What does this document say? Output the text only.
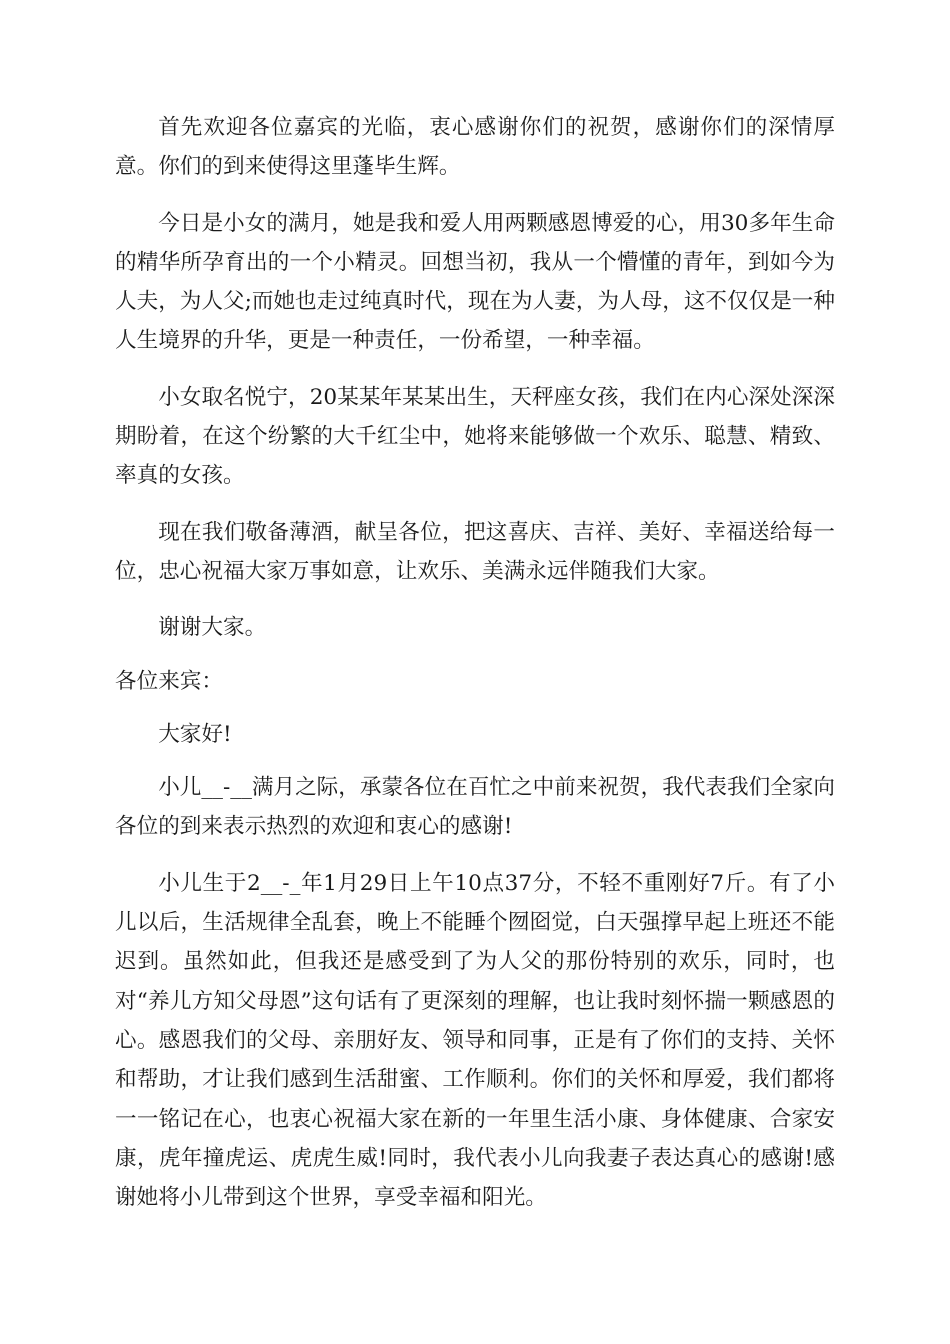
首先欢迎各位嘉宾的光临，衷心感谢你们的祝贺，感谢你们的深情厚意。你们的到来使得这里蓬毕生辉。

今日是小女的满月，她是我和爱人用两颗感恩博爱的心，用30多年生命的精华所孕育出的一个小精灵。回想当初，我从一个懵懂的青年，到如今为人夫，为人父;而她也走过纯真时代，现在为人妻，为人母，这不仅仅是一种人生境界的升华，更是一种责任，一份希望，一种幸福。

小女取名悦宁，20某某年某某出生，天秤座女孩，我们在内心深处深深期盼着，在这个纷繁的大千红尘中，她将来能够做一个欢乐、聪慧、精致、率真的女孩。

现在我们敬备薄酒，献呈各位，把这喜庆、吉祥、美好、幸福送给每一位，忠心祝福大家万事如意，让欢乐、美满永远伴随我们大家。

谢谢大家。

各位来宾：

大家好!

小儿__-__满月之际，承蒙各位在百忙之中前来祝贺，我代表我们全家向各位的到来表示热烈的欢迎和衷心的感谢!

小儿生于2__-_年1月29日上午10点37分，不轻不重刚好7斤。有了小儿以后，生活规律全乱套，晚上不能睡个囫囵觉，白天强撑早起上班还不能迟到。虽然如此，但我还是感受到了为人父的那份特别的欢乐，同时，也对“养儿方知父母恩”这句话有了更深刻的理解，也让我时刻怀揣一颗感恩的心。感恩我们的父母、亲朋好友、领导和同事，正是有了你们的支持、关怀和帮助，才让我们感到生活甜蜜、工作顺利。你们的关怀和厚爱，我们都将一一铭记在心，也衷心祝福大家在新的一年里生活小康、身体健康、合家安康，虎年撞虎运、虎虎生威!同时，我代表小儿向我妻子表达真心的感谢!感谢她将小儿带到这个世界，享受幸福和阳光。
